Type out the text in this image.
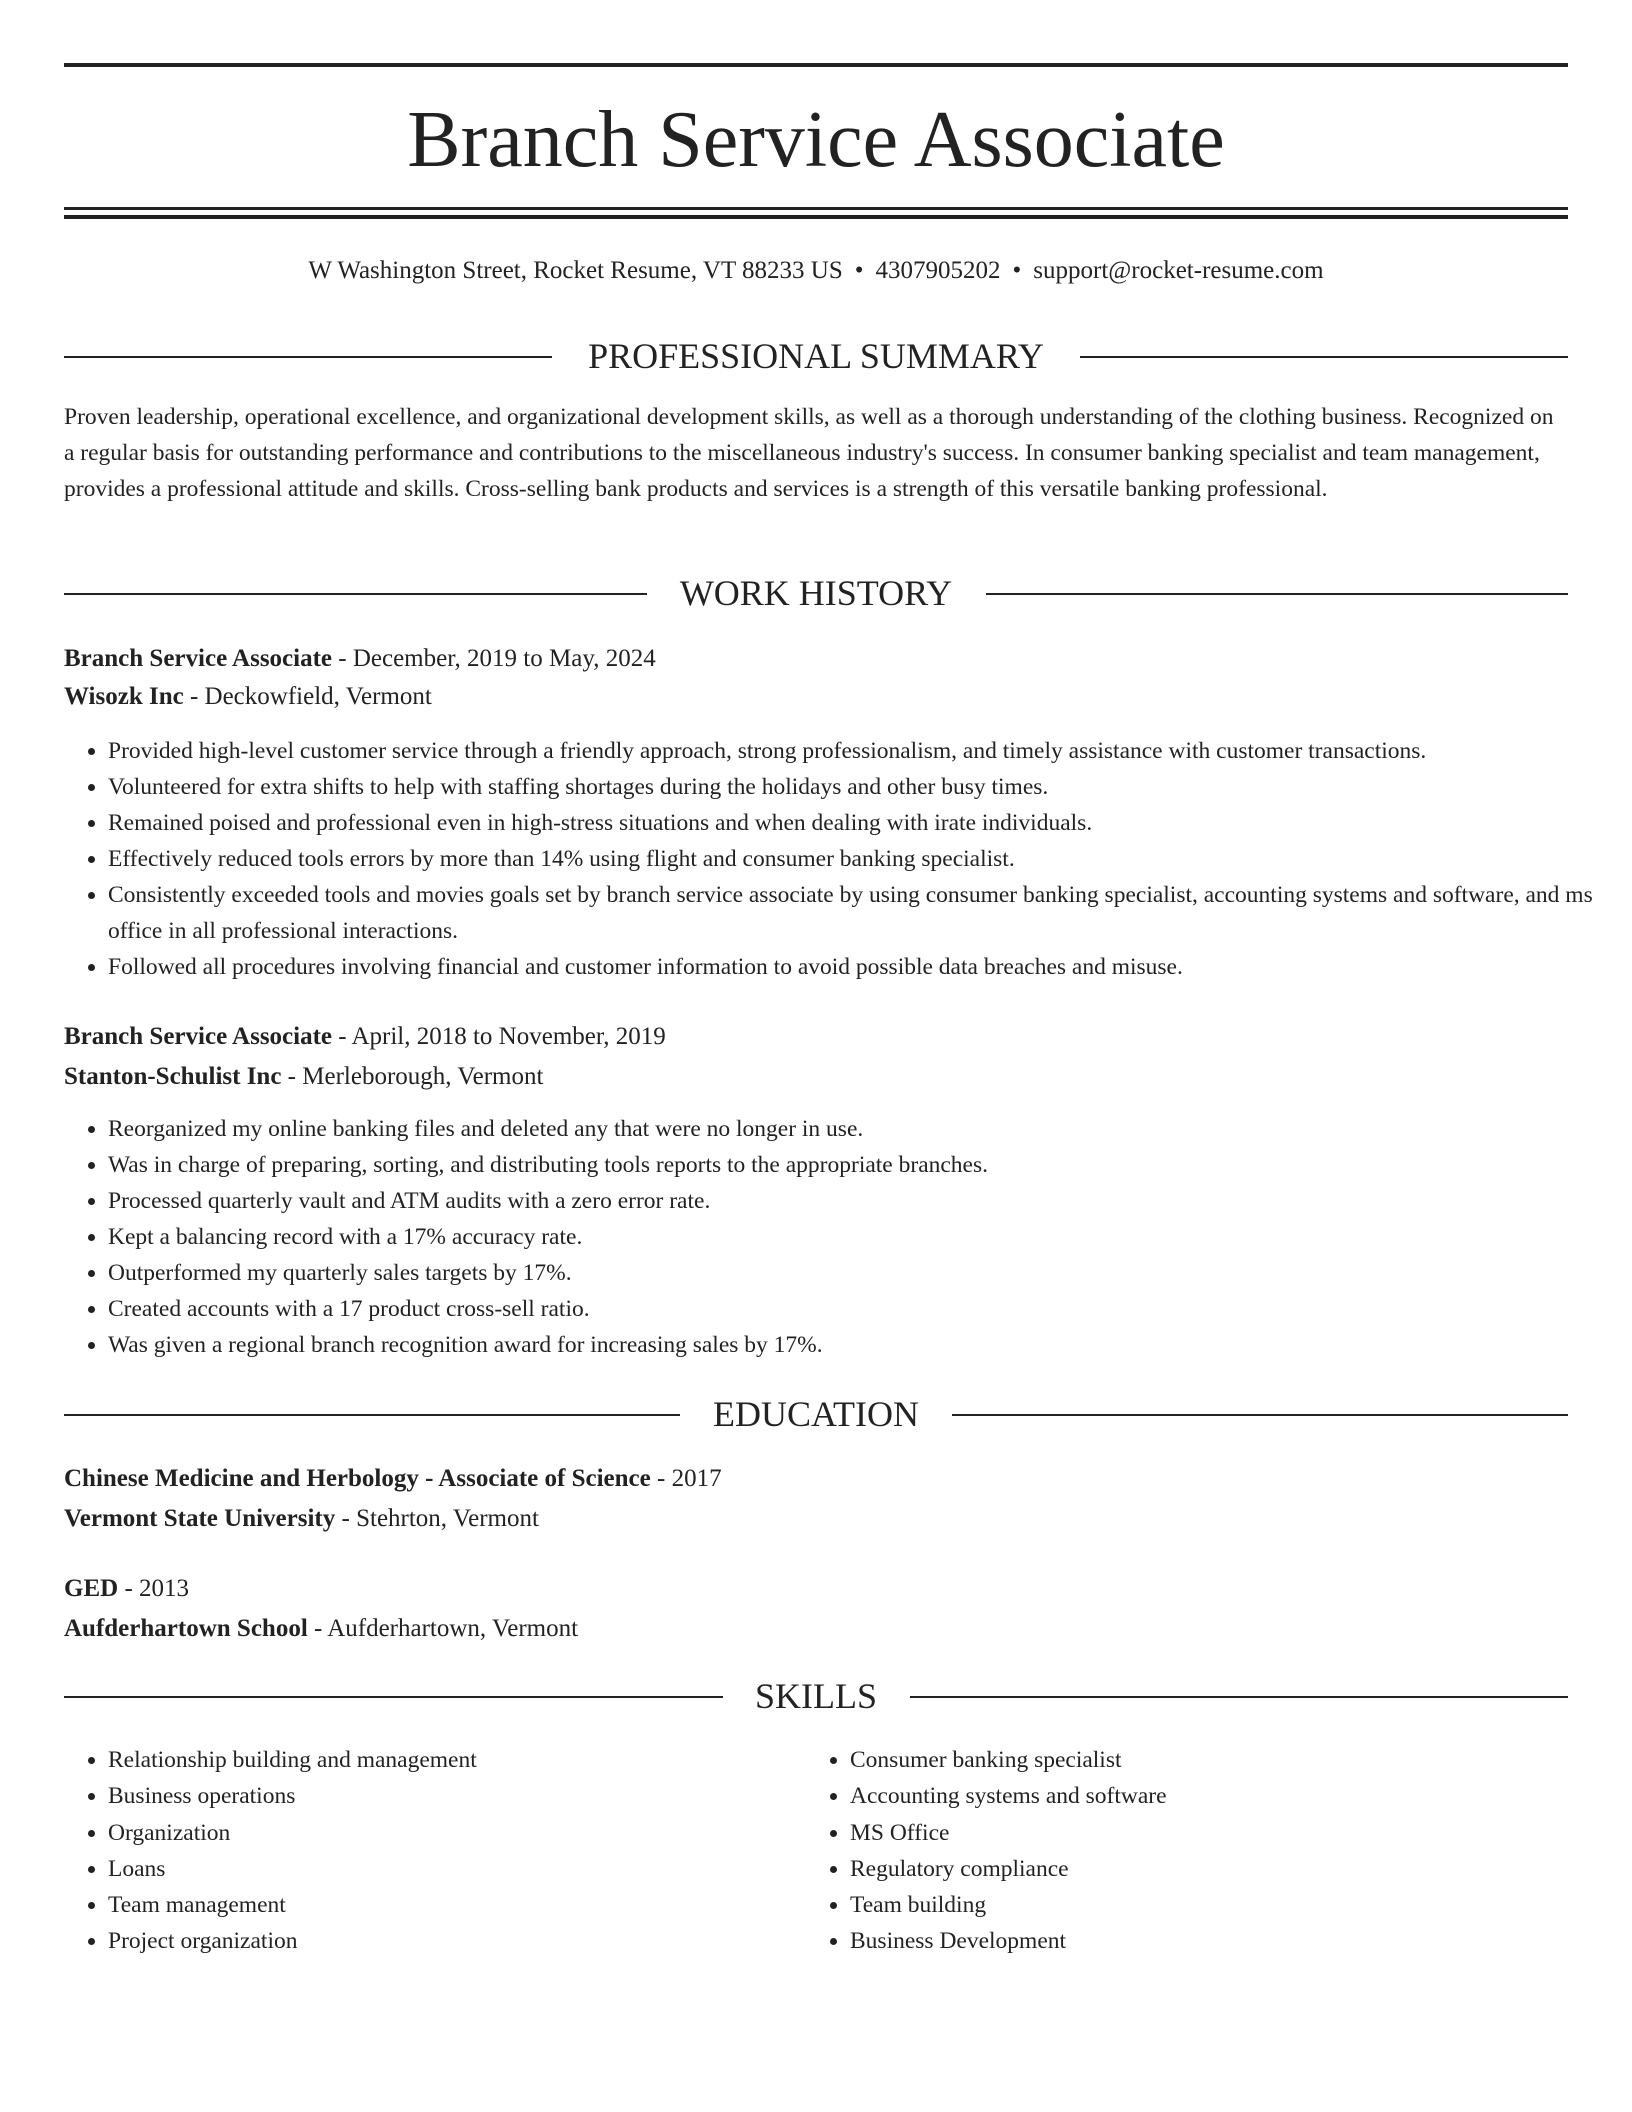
Branch Service Associate
W Washington Street, Rocket Resume, VT 88233 US • 4307905202 • support@rocket-resume.com
PROFESSIONAL SUMMARY

Proven leadership, operational excellence, and organizational development skills, as well as a thorough understanding of the clothing business. Recognized on a regular basis for outstanding performance and contributions to the miscellaneous industry's success. In consumer banking specialist and team management, provides a professional attitude and skills. Cross-selling bank products and services is a strength of this versatile banking professional.

WORK HISTORY
Branch Service Associate - December, 2019 to May, 2024
Wisozk Inc - Deckowfield, Vermont
• Provided high-level customer service through a friendly approach, strong professionalism, and timely assistance with customer transactions.
• Volunteered for extra shifts to help with staffing shortages during the holidays and other busy times.
• Remained poised and professional even in high-stress situations and when dealing with irate individuals.
• Effectively reduced tools errors by more than 14% using flight and consumer banking specialist.
• Consistently exceeded tools and movies goals set by branch service associate by using consumer banking specialist, accounting systems and software, and ms office in all professional interactions.
• Followed all procedures involving financial and customer information to avoid possible data breaches and misuse.
Branch Service Associate - April, 2018 to November, 2019
Stanton-Schulist Inc - Merleborough, Vermont
• Reorganized my online banking files and deleted any that were no longer in use.
• Was in charge of preparing, sorting, and distributing tools reports to the appropriate branches.
• Processed quarterly vault and ATM audits with a zero error rate.
• Kept a balancing record with a 17% accuracy rate.
• Outperformed my quarterly sales targets by 17%.
• Created accounts with a 17 product cross-sell ratio.
• Was given a regional branch recognition award for increasing sales by 17%.
EDUCATION
Chinese Medicine and Herbology - Associate of Science - 2017
Vermont State University - Stehrton, Vermont
GED - 2013
Aufderhartown School - Aufderhartown, Vermont
SKILLS
• Relationship building and management
• Business operations
• Organization
• Loans
• Team management
• Project organization
• Consumer banking specialist
• Accounting systems and software
• MS Office
• Regulatory compliance
• Team building
• Business Development
